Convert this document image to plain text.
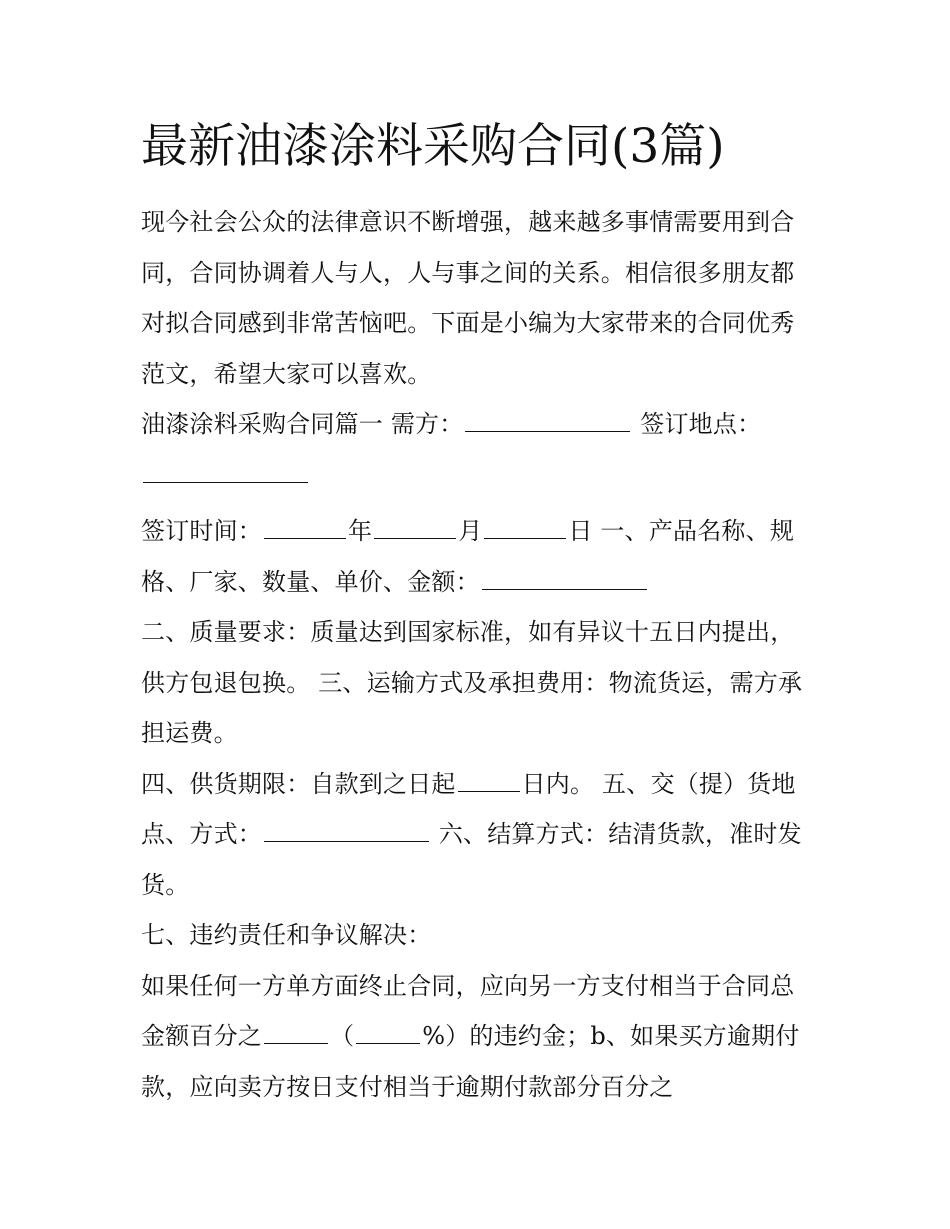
最新油漆涂料采购合同(3篇)

现今社会公众的法律意识不断增强，越来越多事情需要用到合同，合同协调着人与人，人与事之间的关系。相信很多朋友都对拟合同感到非常苦恼吧。下面是小编为大家带来的合同优秀范文，希望大家可以喜欢。

油漆涂料采购合同篇一 需方：	签订地点：

签订时间：	年	月	日 一、产品名称、规格、厂家、数量、单价、金额：

二、质量要求：质量达到国家标准，如有异议十五日内提出，供方包退包换。 三、运输方式及承担费用：物流货运，需方承担运费。

四、供货期限：自款到之日起	日内。 五、交（提）货地点、方式：	六、结算方式：结清货款，准时发货。

七、违约责任和争议解决：

如果任何一方单方面终止合同，应向另一方支付相当于合同总金额百分之	（	%）的违约金；b、如果买方逾期付款，应向卖方按日支付相当于逾期付款部分百分之
